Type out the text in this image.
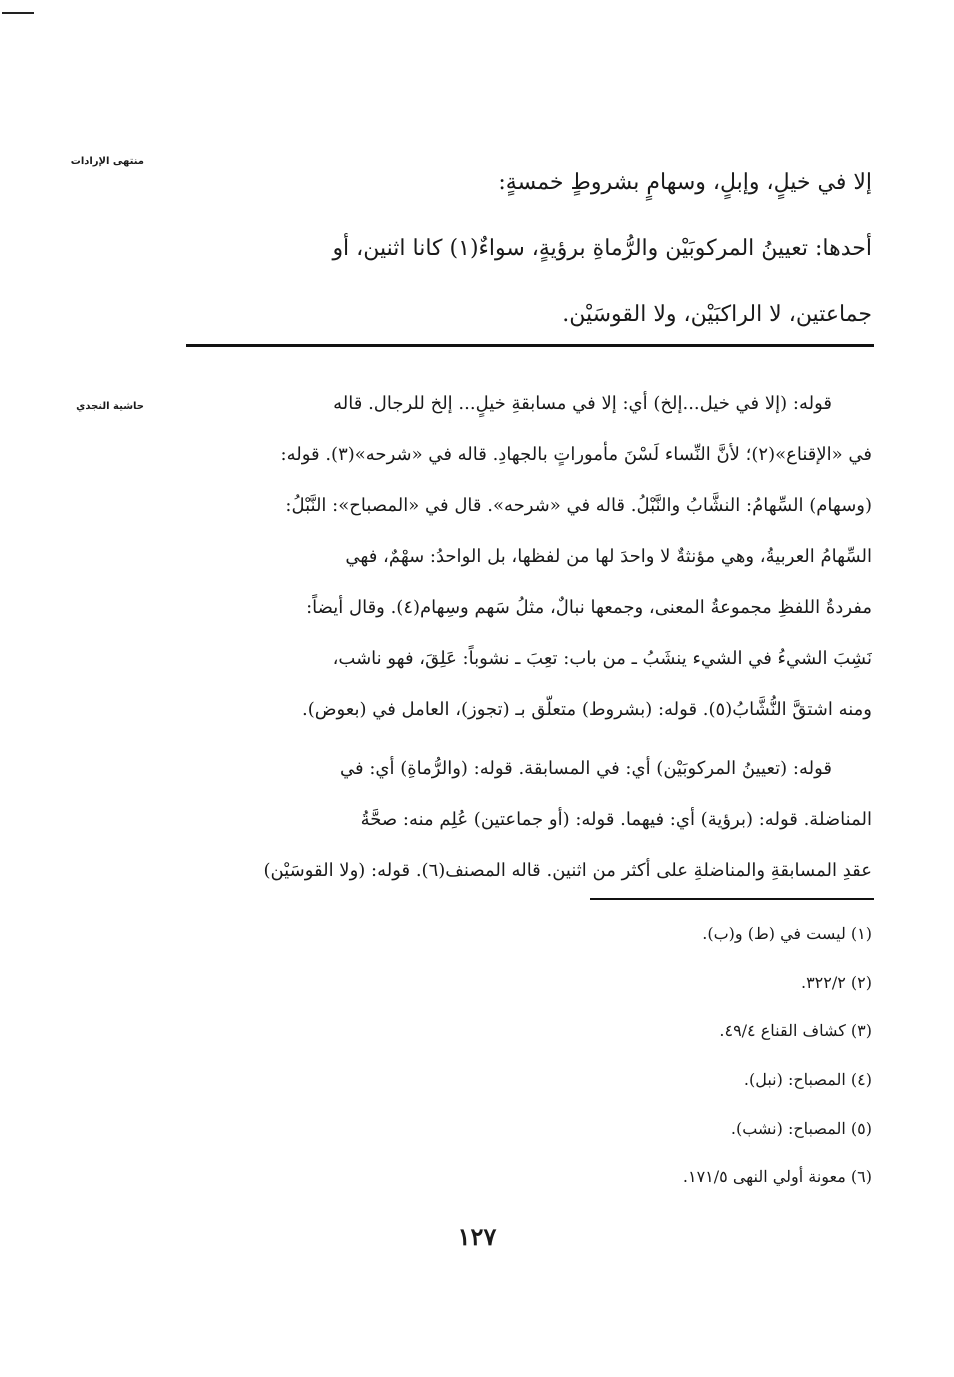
منتهى الإرادات
حاشية النجدي
إلا في خيلٍ، وإبلٍ، وسهامٍ بشروطٍ خمسةٍ:
أحدها: تعيينُ المركوبَيْن والرُّماةِ برؤيةٍ، سواءٌ(١) كانا اثنين، أو
جماعتين، لا الراكبَيْن، ولا القوسَيْن.
قوله: (إلا في خيل...إلخ) أي: إلا في مسابقةِ خيلٍ... إلخ للرجال. قاله
في «الإقناع»(٢)؛ لأنَّ النِّساء لَسْنَ مأموراتٍ بالجهادِ. قاله في «شرحه»(٣). قوله:
(وسهام) السِّهامُ: النشَّابُ والنَّبْلُ. قاله في «شرحه». قال في «المصباح»: النَّبْلُ:
السِّهامُ العربيةُ، وهي مؤنثةٌ لا واحدَ لها من لفظها، بل الواحدُ: سهْمٌ، فهي
مفردةُ اللفظِ مجموعةُ المعنى، وجمعها نبالٌ، مثلُ سَهم وسِهام(٤). وقال أيضاً:
نَشِبَ الشيءُ في الشيء ينشَبُ ـ من باب: تعِبَ ـ نشوباً: عَلِقَ، فهو ناشب،
ومنه اشتقَّ النُّشَّابُ(٥). قوله: (بشروط) متعلّق بـ (تجوز)، العامل في (بعوض).
قوله: (تعيينُ المركوبَيْن) أي: في المسابقة. قوله: (والرُّماةِ) أي: في
المناضلة. قوله: (برؤية) أي: فيهما. قوله: (أو جماعتين) عُلِم منه: صحَّةُ
عقدِ المسابقةِ والمناضلةِ على أكثر من اثنين. قاله المصنف(٦). قوله: (ولا القوسَيْن)
(١) ليست في (ط) و(ب).
(٢) ٣٢٢/٢.
(٣) كشاف القناع ٤٩/٤.
(٤) المصباح: (نبل).
(٥) المصباح: (نشب).
(٦) معونة أولي النهى ١٧١/٥.
١٢٧
